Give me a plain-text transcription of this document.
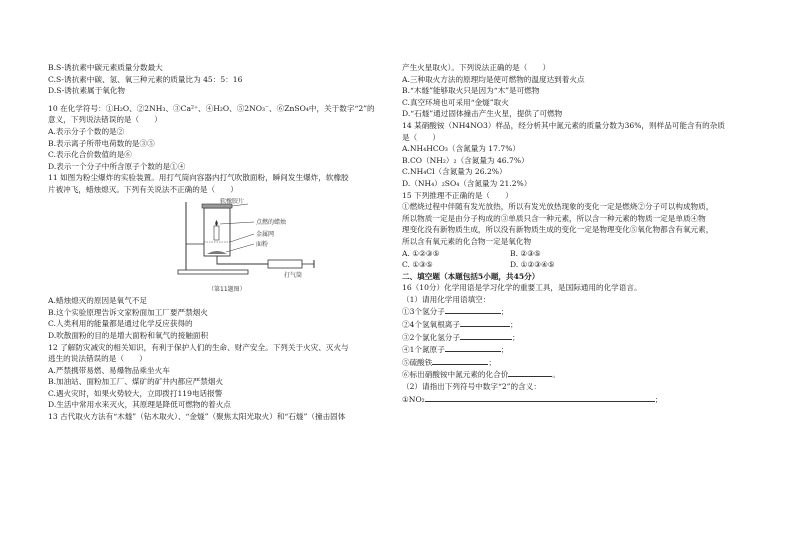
B.S-诱抗素中碳元素质量分数最大
C.S-诱抗素中碳、氢、氧三种元素的质量比为 45：5：16
D.S-诱抗素属于氧化物
10 在化学符号：①H₂O、②2NH₃、③Ca²⁺、④H₂O、⑤2NO₃⁻、⑥ZnSO₄中，关于数字“2”的
意义，下列说法错误的是（　　）
A.表示分子个数的是②
B.表示离子所带电荷数的是③⑤
C.表示化合价数值的是⑥
D.表示一个分子中所含原子个数的是①④
11 如图为粉尘爆炸的实验装置。用打气筒向容器内打气吹散面粉，瞬间发生爆炸，软橡胶
片被冲飞，蜡烛熄灭。下列有关说法不正确的是（　　）
软橡胶片
点燃的蜡烛
金属网
面粉
打气筒
（第11题图）
A.蜡烛熄灭的原因是氧气不足
B.这个实验原理告诉文家粉面加工厂要严禁烟火
C.人类利用的能量都是通过化学反应获得的
D.吹散面粉的目的是增大面粉和氧气的接触面积
12 了解防灾减灾的相关知识，有利于保护人们的生命、财产安全。下列关于火灾、灭火与
逃生的说法错误的是（　　）
A.严禁携带易燃、易爆物品乘坐火车
B.加油站、面粉加工厂、煤矿的矿井内都应严禁烟火
C.遇火灾时，如果火势较大，立即拨打119电话报警
D.生活中常用水来灭火，其原理是降低可燃物的着火点
13 古代取火方法有“木燧”（钻木取火）、“金燧”（聚焦太阳光取火）和“石燧”（撞击固体
产生火星取火）。下列说法正确的是（　　）
A.三种取火方法的原理均是使可燃物的温度达到着火点
B.“木燧”能够取火只是因为“木”是可燃物
C.真空环境也可采用“金燧”取火
D.“石燧”通过固体撞击产生火星，提供了可燃物
14 某硝酸铵（NH4NO3）样品，经分析其中氮元素的质量分数为36%，则样品可能含有的杂质
是（　　）
A.NH₄HCO₃（含氮量为 17.7%）
B.CO（NH₂）₂（含氮量为 46.7%）
C.NH₄Cl（含氮量为 26.2%）
D.（NH₄）₂SO₄（含氮量为 21.2%）
15 下列推理不正确的是（　　）
①燃烧过程中伴随有发光放热，所以有发光放热现象的变化一定是燃烧②分子可以构成物质，
所以物质一定是由分子构成的③单质只含一种元素，所以含一种元素的物质一定是单质④物
理变化没有新物质生成，所以没有新物质生成的变化一定是物理变化⑤氧化物都含有氧元素，
所以含有氧元素的化合物一定是氧化物
A. ①②③⑤	B. ②③⑤
C. ①③⑤	D. ①②③④⑤
二、填空题（本题包括5小题，共45分）
16（10分）化学用语是学习化学的重要工具，是国际通用的化学语言。
（1）请用化学用语填空：
①3个氢分子	；
②4个氢氧根离子	；
③2个氯化氢分子	；
④1个氮原子	；
⑤硫酸铁	；
⑥标出硝酸铵中氮元素的化合价	。
（2）请指出下列符号中数字“2”的含义：
①NO₂	；
